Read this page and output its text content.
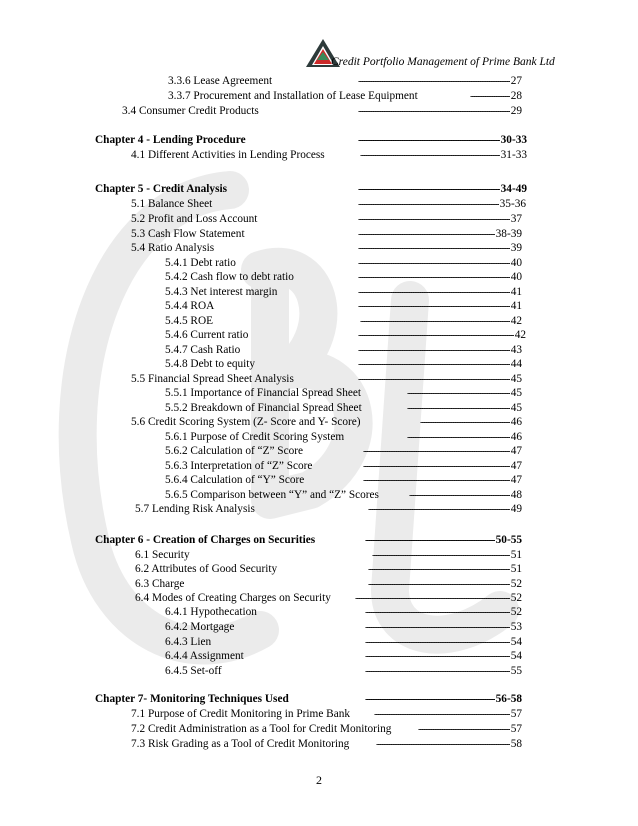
Credit Portfolio Management of Prime Bank Ltd
3.3.6 Lease Agreement	27
- - -
3.3.7 Procurement and Installation of Lease Equipment	28
- - -
3.4 Consumer Credit Products	29
- - -
Chapter 4 - Lending Procedure	30-33
- - -
4.1 Different Activities in Lending Process	31-33
- - -
Chapter 5 - Credit Analysis	34-49
- - -
5.1 Balance Sheet	35-36
- - -
5.2 Profit and Loss Account	37
- - -
5.3 Cash Flow Statement	38-39
- - -
5.4 Ratio Analysis	39
- - -
5.4.1 Debt ratio	40
- - -
5.4.2 Cash flow to debt ratio	40
- - -
5.4.3 Net interest margin	41
- - -
5.4.4 ROA	41
- - -
5.4.5 ROE	42
- - -
5.4.6 Current ratio	42
- - -
5.4.7 Cash Ratio	43
- - -
5.4.8 Debt to equity	44
- - -
5.5 Financial Spread Sheet Analysis	45
- - -
5.5.1 Importance of Financial Spread Sheet	45
- - -
5.5.2 Breakdown of Financial Spread Sheet	45
- - -
5.6 Credit Scoring System (Z- Score and Y- Score)	46
- - -
5.6.1 Purpose of Credit Scoring System	46
- - -
5.6.2 Calculation of “Z” Score	47
- - -
5.6.3 Interpretation of “Z” Score	47
- - -
5.6.4 Calculation of “Y” Score	47
- - -
5.6.5 Comparison between “Y” and “Z” Scores	48
- - -
5.7 Lending Risk Analysis	49
- - -
Chapter 6 - Creation of Charges on Securities	50-55
- - -
6.1 Security	51
- - -
6.2 Attributes of Good Security	51
- - -
6.3 Charge	52
- - -
6.4 Modes of Creating Charges on Security	52
- - -
6.4.1 Hypothecation	52
- - -
6.4.2 Mortgage	53
- - -
6.4.3 Lien	54
- - -
6.4.4 Assignment	54
- - -
6.4.5 Set-off	55
- - -
Chapter 7- Monitoring Techniques Used	56-58
- - -
7.1 Purpose of Credit Monitoring in Prime Bank	57
- - -
7.2 Credit Administration as a Tool for Credit Monitoring	57
- - -
7.3 Risk Grading as a Tool of Credit Monitoring	58
- - -
2
